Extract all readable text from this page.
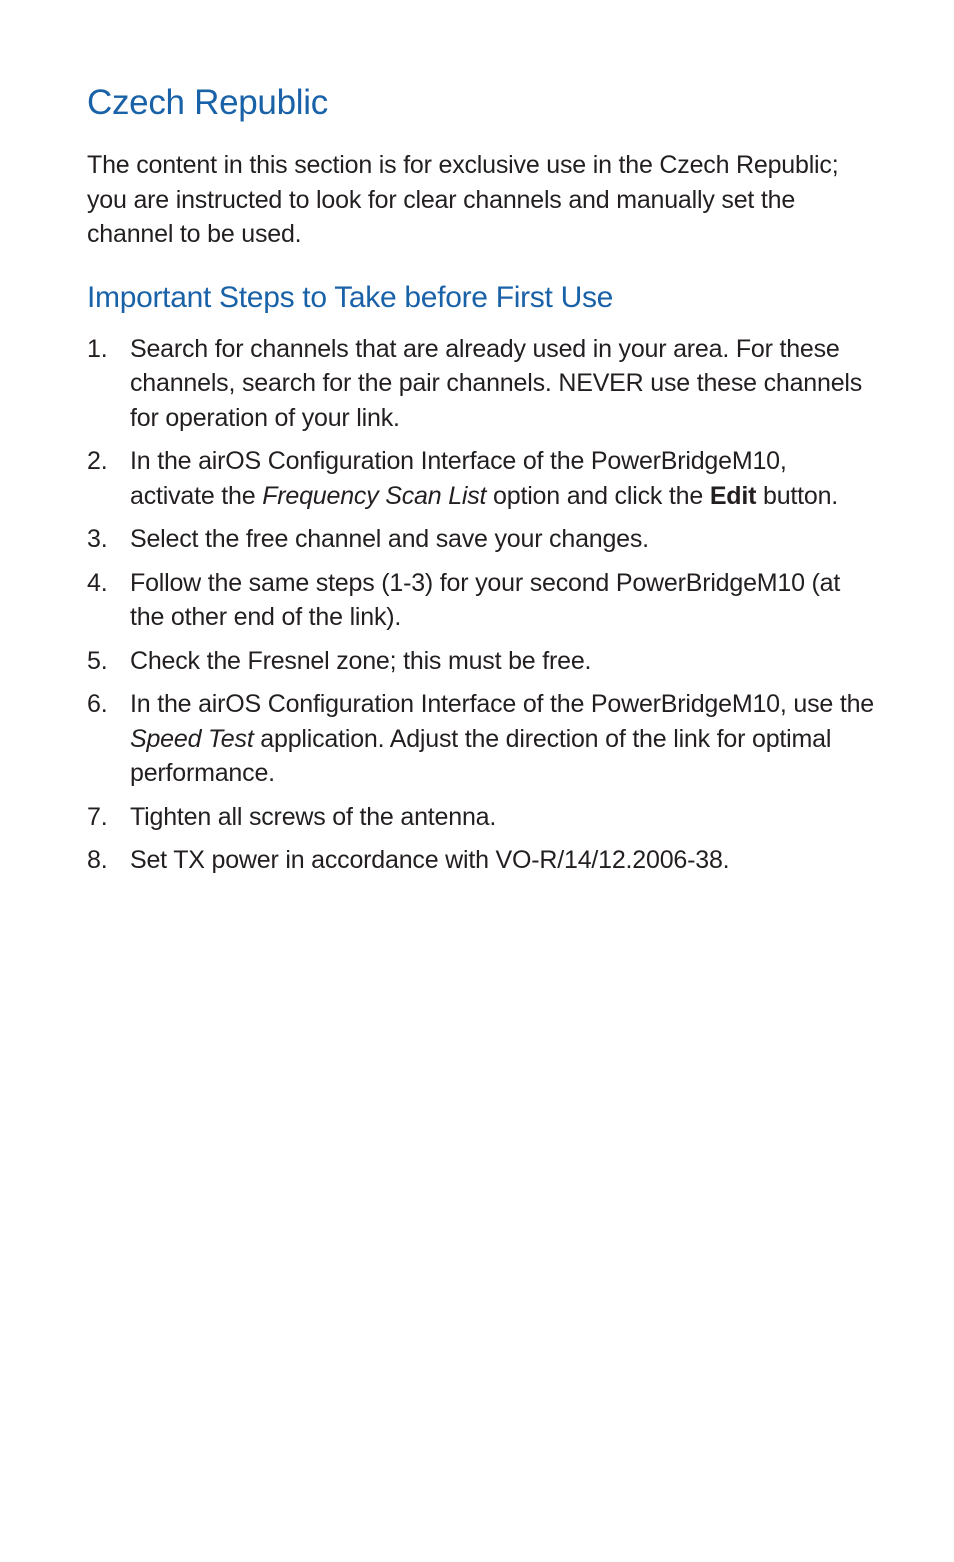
Czech Republic

The content in this section is for exclusive use in the Czech Republic; you are instructed to look for clear channels and manually set the channel to be used.

Important Steps to Take before First Use
1. Search for channels that are already used in your area. For these channels, search for the pair channels. NEVER use these channels for operation of your link.
2. In the airOS Configuration Interface of the PowerBridgeM10, activate the Frequency Scan List option and click the Edit button.
3. Select the free channel and save your changes.
4. Follow the same steps (1-3) for your second PowerBridgeM10 (at the other end of the link).
5. Check the Fresnel zone; this must be free.
6. In the airOS Configuration Interface of the PowerBridgeM10, use the Speed Test application. Adjust the direction of the link for optimal performance.
7. Tighten all screws of the antenna.
8. Set TX power in accordance with VO-R/14/12.2006-38.
